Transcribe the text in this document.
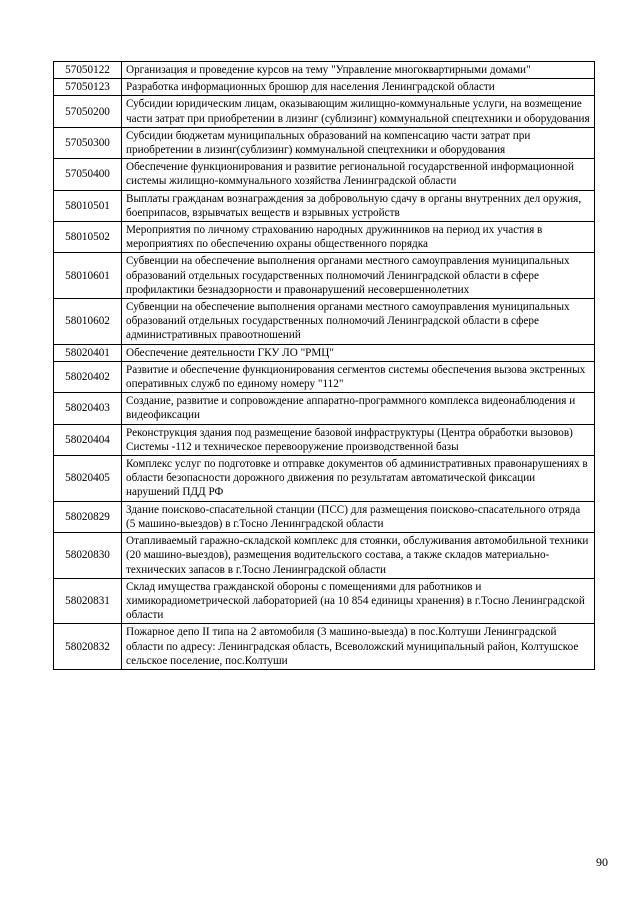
57050122	Организация и проведение курсов на тему "Управление многоквартирными домами"
57050123	Разработка информационных брошюр для населения Ленинградской области
57050200	Субсидии юридическим лицам, оказывающим жилищно-коммунальные услуги, на возмещение части затрат при приобретении в лизинг (сублизинг) коммунальной спецтехники и оборудования
57050300	Субсидии бюджетам муниципальных образований на компенсацию части затрат при приобретении в лизинг(сублизинг) коммунальной спецтехники и оборудования
57050400	Обеспечение функционирования и развитие региональной государственной информационной системы жилищно-коммунального хозяйства Ленинградской области
58010501	Выплаты гражданам вознаграждения за добровольную сдачу в органы внутренних дел оружия, боеприпасов, взрывчатых веществ и взрывных устройств
58010502	Мероприятия по личному страхованию народных дружинников на период их участия в мероприятиях по обеспечению охраны общественного порядка
58010601	Субвенции на обеспечение выполнения органами местного самоуправления муниципальных образований отдельных государственных полномочий Ленинградской области в сфере профилактики безнадзорности и правонарушений несовершеннолетних
58010602	Субвенции на обеспечение выполнения органами местного самоуправления муниципальных образований отдельных государственных полномочий Ленинградской области в сфере административных правоотношений
58020401	Обеспечение деятельности ГКУ ЛО "РМЦ"
58020402	Развитие и обеспечение функционирования сегментов системы обеспечения вызова экстренных оперативных служб по единому номеру "112"
58020403	Создание, развитие и сопровождение аппаратно-программного комплекса видеонаблюдения и видеофиксации
58020404	Реконструкция здания под размещение базовой инфраструктуры (Центра обработки вызовов) Системы -112 и техническое перевооружение производственной базы
58020405	Комплекс услуг по подготовке и отправке документов об административных правонарушениях в области безопасности дорожного движения по результатам автоматической фиксации нарушений ПДД РФ
58020829	Здание поисково-спасательной станции (ПСС) для размещения поисково-спасательного отряда (5 машино-выездов) в г.Тосно Ленинградской области
58020830	Отапливаемый гаражно-складской комплекс для стоянки, обслуживания автомобильной техники (20 машино-выездов), размещения водительского состава, а также складов материально-технических запасов в г.Тосно Ленинградской области
58020831	Склад имущества гражданской обороны с помещениями для работников и химикорадиометрической лабораторией (на 10 854 единицы хранения) в г.Тосно Ленинградской области
58020832	Пожарное депо II типа на 2 автомобиля (3 машино-выезда) в пос.Колтуши Ленинградской области по адресу: Ленинградская область, Всеволожский муниципальный район, Колтушское сельское поселение, пос.Колтуши
90
